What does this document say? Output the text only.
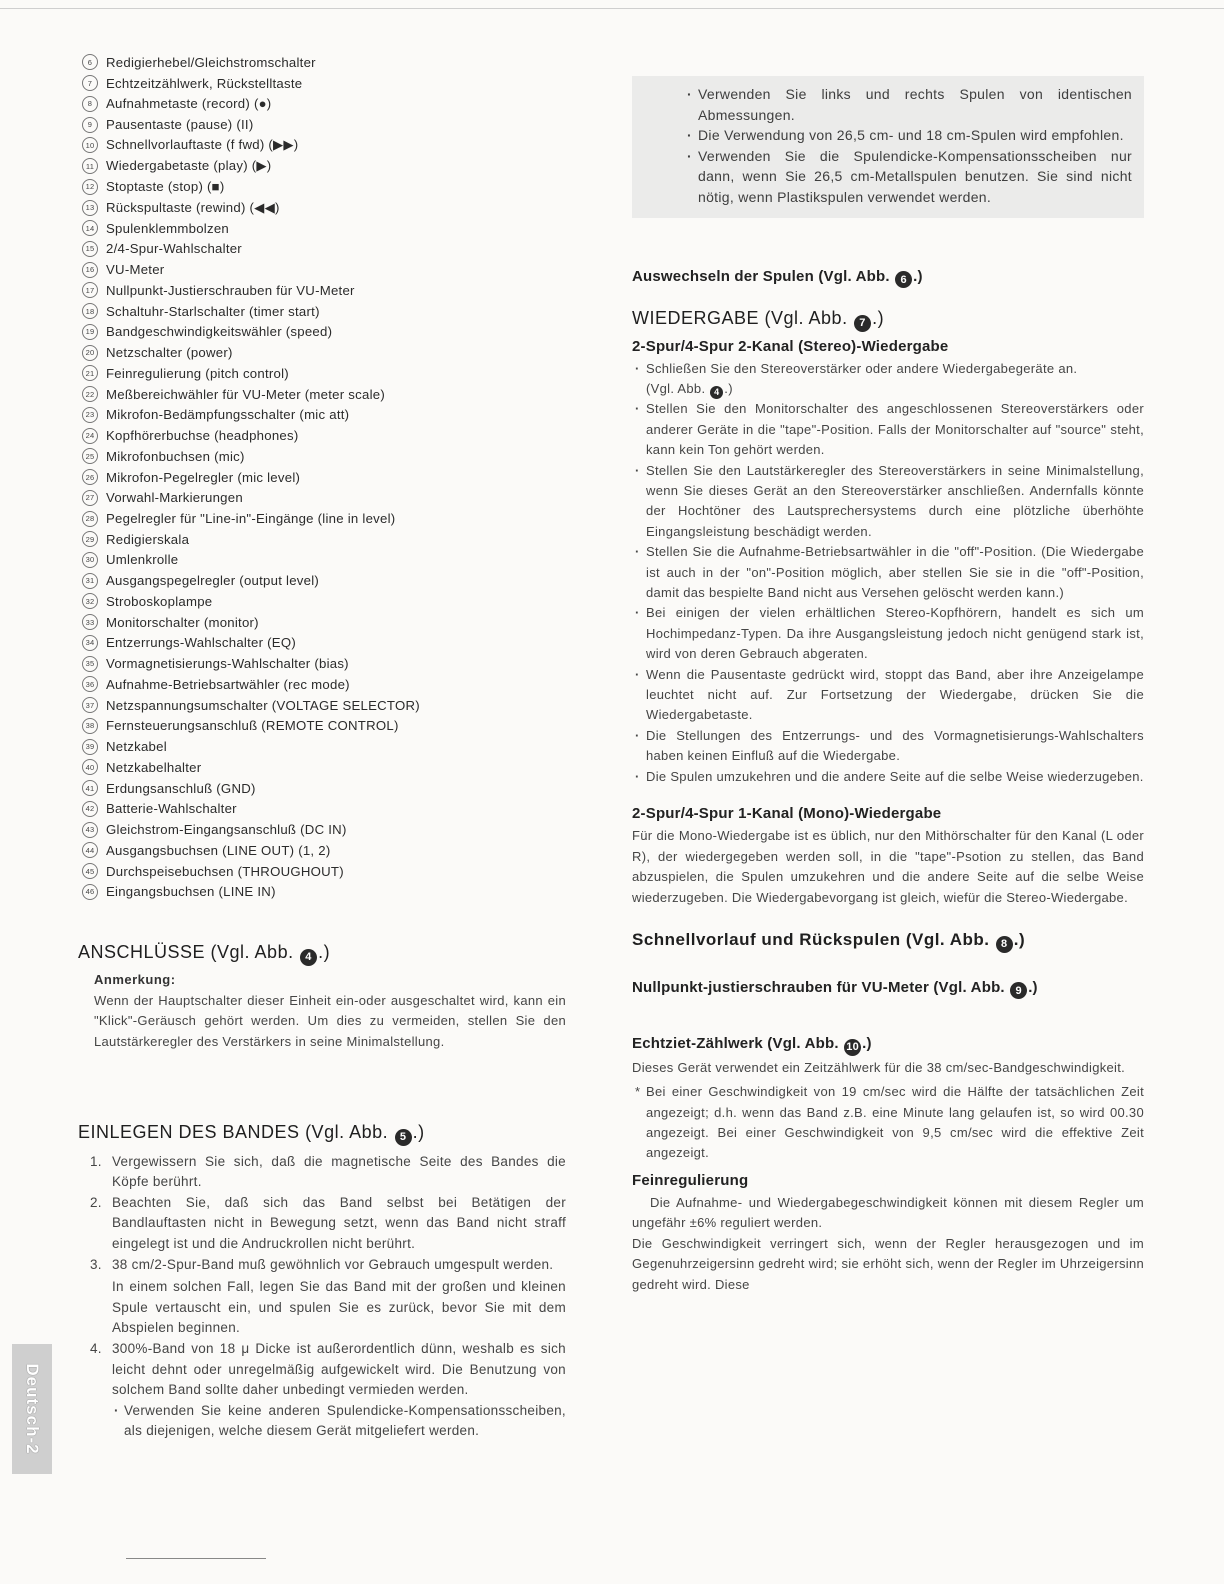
6	Redigierhebel/Gleichstromschalter
7	Echtzeitzählwerk, Rückstelltaste
8	Aufnahmetaste (record) (●)
9	Pausentaste (pause) (II)
10 Schnellvorlauftaste (f fwd) (▶▶)
11 Wiedergabetaste (play) (▶)
12 Stoptaste (stop) (■)
13 Rückspultaste (rewind) (◀◀)
14 Spulenklemmbolzen
15 2/4-Spur-Wahlschalter
16 VU-Meter
17 Nullpunkt-Justierschrauben für VU-Meter
18 Schaltuhr-Starlschalter (timer start)
19 Bandgeschwindigkeitswähler (speed)
20 Netzschalter (power)
21 Feinregulierung (pitch control)
22 Meßbereichwähler für VU-Meter (meter scale)
23 Mikrofon-Bedämpfungsschalter (mic att)
24 Kopfhörerbuchse (headphones)
25 Mikrofonbuchsen (mic)
26 Mikrofon-Pegelregler (mic level)
27 Vorwahl-Markierungen
28 Pegelregler für "Line-in"-Eingänge (line in level)
29 Redigierskala
30 Umlenkrolle
31 Ausgangspegelregler (output level)
32 Stroboskoplampe
33 Monitorschalter (monitor)
34 Entzerrungs-Wahlschalter (EQ)
35 Vormagnetisierungs-Wahlschalter (bias)
36 Aufnahme-Betriebsartwähler (rec mode)
37 Netzspannungsumschalter (VOLTAGE SELECTOR)
38 Fernsteuerungsanschluß (REMOTE CONTROL)
39 Netzkabel
40 Netzkabelhalter
41 Erdungsanschluß (GND)
42 Batterie-Wahlschalter
43 Gleichstrom-Eingangsanschluß (DC IN)
44 Ausgangsbuchsen (LINE OUT) (1, 2)
45 Durchspeisebuchsen (THROUGHOUT)
46 Eingangsbuchsen (LINE IN)
ANSCHLÜSSE (Vgl. Abb. 4 .)
Anmerkung:

Wenn der Hauptschalter dieser Einheit ein-oder ausgeschaltet wird, kann ein "Klick"-Geräusch gehört werden. Um dies zu vermeiden, stellen Sie den Lautstärkeregler des Verstärkers in seine Minimalstellung.

EINLEGEN DES BANDES (Vgl. Abb. 5 .)
1. Vergewissern Sie sich, daß die magnetische Seite des Bandes die Köpfe berührt.
2. Beachten Sie, daß sich das Band selbst bei Betätigen der Bandlauftasten nicht in Bewegung setzt, wenn das Band nicht straff eingelegt ist und die Andruckrollen nicht berührt.
3. 38 cm/2-Spur-Band muß gewöhnlich vor Gebrauch umgespult werden.
In einem solchen Fall, legen Sie das Band mit der großen und kleinen Spule vertauscht ein, und spulen Sie es zurück, bevor Sie mit dem Abspielen beginnen.
4. 300%-Band von 18 μ Dicke ist außerordentlich dünn, weshalb es sich leicht dehnt oder unregelmäßig aufgewickelt wird. Die Benutzung von solchem Band sollte daher unbedingt vermieden werden.
· Verwenden Sie keine anderen Spulendicke-Kompensationsscheiben, als diejenigen, welche diesem Gerät mitgeliefert werden.
· Verwenden Sie links und rechts Spulen von identischen Abmessungen.
· Die Verwendung von 26,5 cm- und 18 cm-Spulen wird empfohlen.
· Verwenden Sie die Spulendicke-Kompensationsscheiben nur dann, wenn Sie 26,5 cm-Metallspulen benutzen. Sie sind nicht nötig, wenn Plastikspulen verwendet werden.
Auswechseln der Spulen (Vgl. Abb. 6 .)
WIEDERGABE (Vgl. Abb. 7 .)
2-Spur/4-Spur 2-Kanal (Stereo)-Wiedergabe
· Schließen Sie den Stereoverstärker oder andere Wiedergabegeräte an.
(Vgl. Abb. 4 .)
· Stellen Sie den Monitorschalter des angeschlossenen Stereoverstärkers oder anderer Geräte in die "tape"-Position. Falls der Monitorschalter auf "source" steht, kann kein Ton gehört werden.
· Stellen Sie den Lautstärkeregler des Stereoverstärkers in seine Minimalstellung, wenn Sie dieses Gerät an den Stereoverstärker anschließen. Andernfalls könnte der Hochtöner des Lautsprechersystems durch eine plötzliche überhöhte Eingangsleistung beschädigt werden.
· Stellen Sie die Aufnahme-Betriebsartwähler in die "off"-Position. (Die Wiedergabe ist auch in der "on"-Position möglich, aber stellen Sie sie in die "off"-Position, damit das bespielte Band nicht aus Versehen gelöscht werden kann.)
· Bei einigen der vielen erhältlichen Stereo-Kopfhörern, handelt es sich um Hochimpedanz-Typen. Da ihre Ausgangsleistung jedoch nicht genügend stark ist, wird von deren Gebrauch abgeraten.
· Wenn die Pausentaste gedrückt wird, stoppt das Band, aber ihre Anzeigelampe leuchtet nicht auf. Zur Fortsetzung der Wiedergabe, drücken Sie die Wiedergabetaste.
· Die Stellungen des Entzerrungs- und des Vormagnetisierungs-Wahlschalters haben keinen Einfluß auf die Wiedergabe.
· Die Spulen umzukehren und die andere Seite auf die selbe Weise wiederzugeben.
2-Spur/4-Spur 1-Kanal (Mono)-Wiedergabe

Für die Mono-Wiedergabe ist es üblich, nur den Mithörschalter für den Kanal (L oder R), der wiedergegeben werden soll, in die "tape"-Psotion zu stellen, das Band abzuspielen, die Spulen umzukehren und die andere Seite auf die selbe Weise wiederzugeben. Die Wiedergabevorgang ist gleich, wiefür die Stereo-Wiedergabe.

Schnellvorlauf und Rückspulen (Vgl. Abb. 8 .)
Nullpunkt-justierschrauben für VU-Meter (Vgl. Abb. 9 .)
Echtziet-Zählwerk (Vgl. Abb. 10 .)

Dieses Gerät verwendet ein Zeitzählwerk für die 38 cm/sec-Bandgeschwindigkeit.

* Bei einer Geschwindigkeit von 19 cm/sec wird die Hälfte der tatsächlichen Zeit angezeigt; d.h. wenn das Band z.B. eine Minute lang gelaufen ist, so wird 00.30 angezeigt. Bei einer Geschwindigkeit von 9,5 cm/sec wird die effektive Zeit angezeigt.
Feinregulierung

Die Aufnahme- und Wiedergabegeschwindigkeit können mit diesem Regler um ungefähr ±6% reguliert werden.

Die Geschwindigkeit verringert sich, wenn der Regler herausgezogen und im Gegenuhrzeigersinn gedreht wird; sie erhöht sich, wenn der Regler im Uhrzeigersinn gedreht wird. Diese

Deutsch-2
